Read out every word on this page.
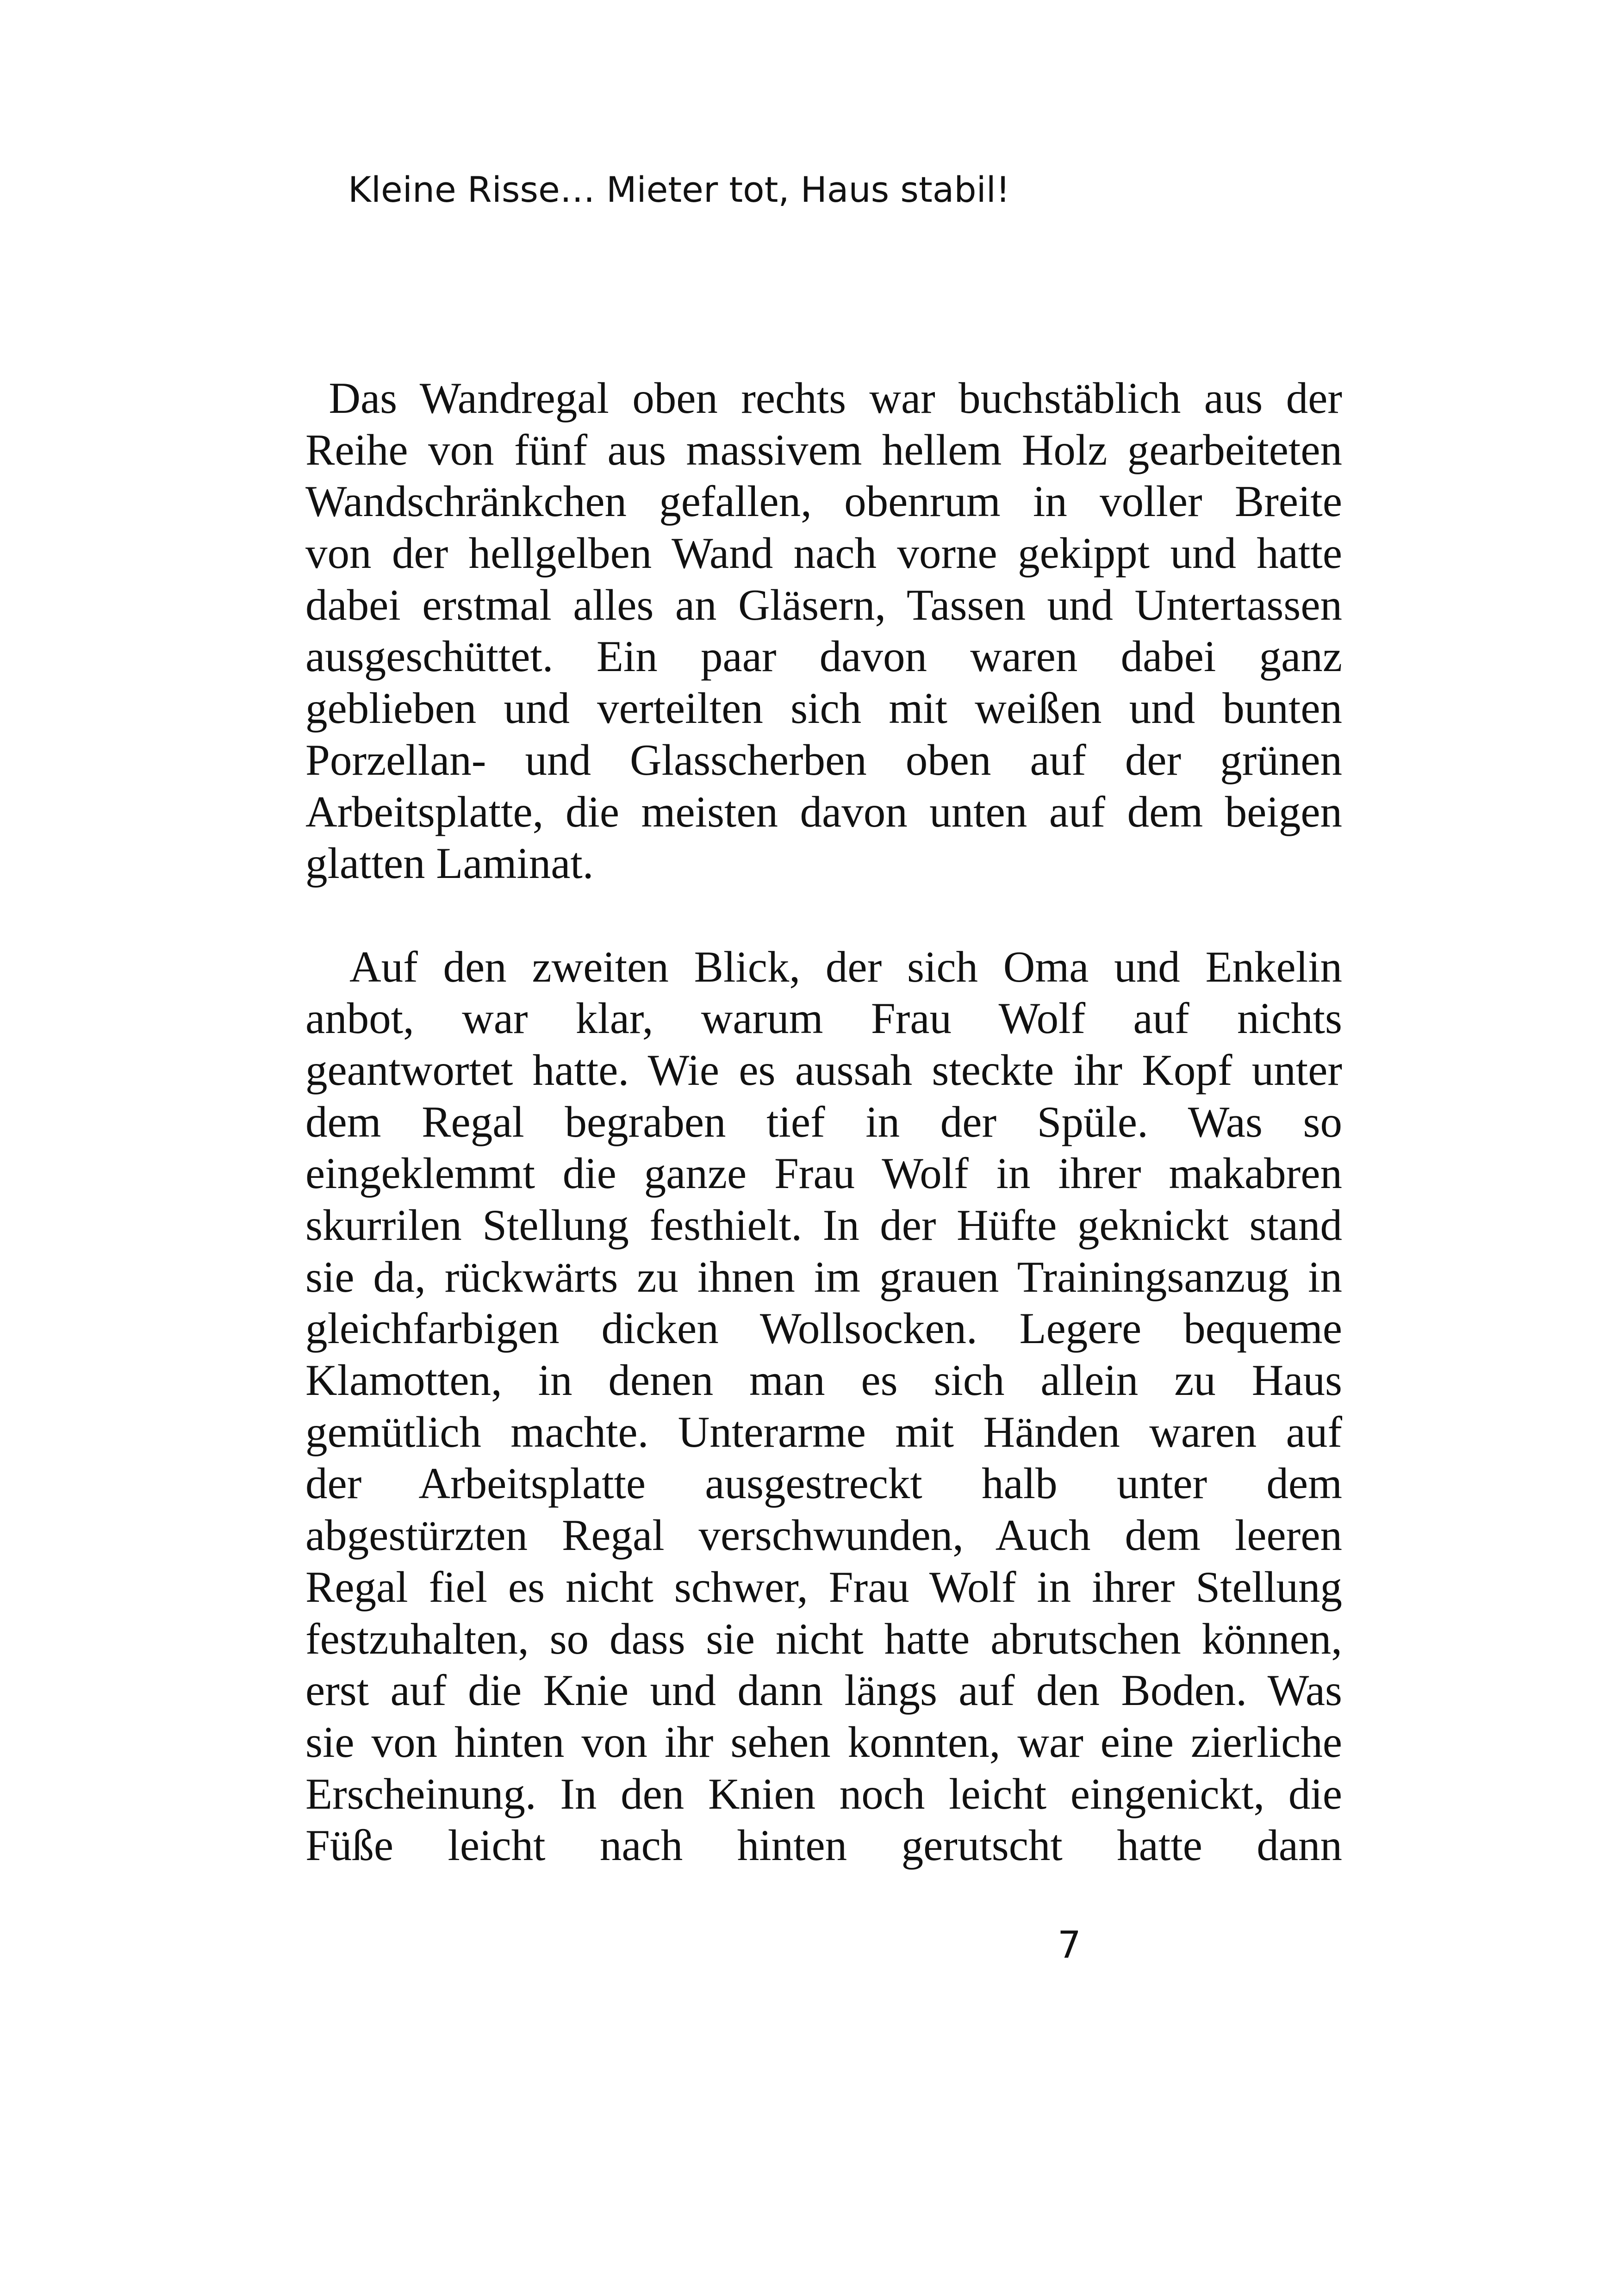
Kleine Risse… Mieter tot, Haus stabil!
Das Wandregal oben rechts war buchstäblich aus der
Reihe von fünf aus massivem hellem Holz gearbeiteten
Wandschränkchen gefallen, obenrum in voller Breite
von der hellgelben Wand nach vorne gekippt und hatte
dabei erstmal alles an Gläsern, Tassen und Untertassen
ausgeschüttet. Ein paar davon waren dabei ganz
geblieben und verteilten sich mit weißen und bunten
Porzellan- und Glasscherben oben auf der grünen
Arbeitsplatte, die meisten davon unten auf dem beigen
glatten Laminat.
Auf den zweiten Blick, der sich Oma und Enkelin
anbot, war klar, warum Frau Wolf auf nichts
geantwortet hatte. Wie es aussah steckte ihr Kopf unter
dem Regal begraben tief in der Spüle. Was so
eingeklemmt die ganze Frau Wolf in ihrer makabren
skurrilen Stellung festhielt. In der Hüfte geknickt stand
sie da, rückwärts zu ihnen im grauen Trainingsanzug in
gleichfarbigen dicken Wollsocken. Legere bequeme
Klamotten, in denen man es sich allein zu Haus
gemütlich machte. Unterarme mit Händen waren auf
der Arbeitsplatte ausgestreckt halb unter dem
abgestürzten Regal verschwunden, Auch dem leeren
Regal fiel es nicht schwer, Frau Wolf in ihrer Stellung
festzuhalten, so dass sie nicht hatte abrutschen können,
erst auf die Knie und dann längs auf den Boden. Was
sie von hinten von ihr sehen konnten, war eine zierliche
Erscheinung. In den Knien noch leicht eingenickt, die
Füße leicht nach hinten gerutscht hatte dann
7
